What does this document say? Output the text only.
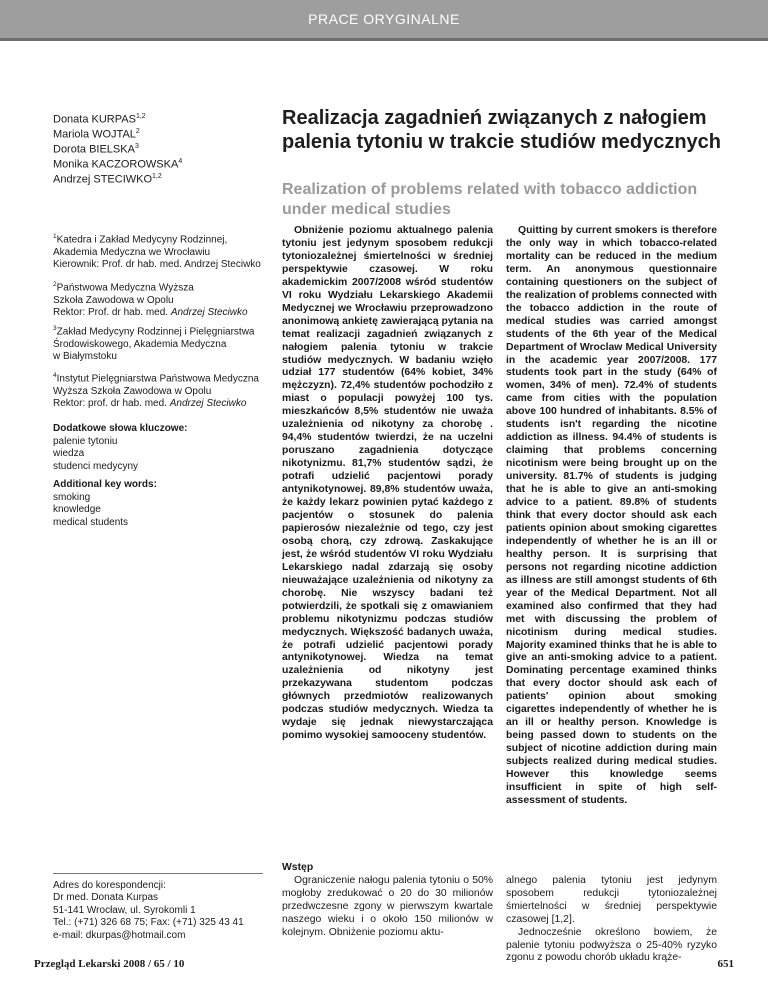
PRACE ORYGINALNE
Donata KURPAS$^{1,2}$
Mariola WOJTAL$^2$
Dorota BIELSKA$^3$
Monika KACZOROWSKA$^4$
Andrzej STECIWKO$^{1,2}$
Realizacja zagadnień związanych z nałogiem palenia tytoniu w trakcie studiów medycznych
Realization of problems related with tobacco addiction under medical studies
$^1$Katedra i Zakład Medycyny Rodzinnej,
Akademia Medyczna we Wrocławiu
Kierownik: Prof. dr hab. med. Andrzej Steciwko
$^2$Państwowa Medyczna Wyższa
Szkoła Zawodowa w Opolu
Rektor: Prof. dr hab. med. Andrzej Steciwko
$^3$Zakład Medycyny Rodzinnej i Pielęgniarstwa
Środowiskowego, Akademia Medyczna
w Białymstoku
$^4$Instytut Pielęgniarstwa Państwowa Medyczna
Wyższa Szkoła Zawodowa w Opolu
Rektor: prof. dr hab. med. Andrzej Steciwko
Dodatkowe słowa kluczowe:
palenie tytoniu
wiedza
studenci medycyny
Additional key words:
smoking
knowledge
medical students

Obniżenie poziomu aktualnego palenia tytoniu jest jedynym sposobem redukcji tytoniozależnej śmiertelności w średniej perspektywie czasowej. W roku akademickim 2007/2008 wśród studentów VI roku Wydziału Lekarskiego Akademii Medycznej we Wrocławiu przeprowadzono anonimową ankietę zawierającą pytania na temat realizacji zagadnień związanych z nałogiem palenia tytoniu w trakcie studiów medycznych. W badaniu wzięło udział 177 studentów (64% kobiet, 34% mężczyzn). 72,4% studentów pochodziło z miast o populacji powyżej 100 tys. mieszkańców 8,5% studentów nie uważa uzależnienia od nikotyny za chorobę . 94,4% studentów twierdzi, że na uczelni poruszano zagadnienia dotyczące nikotynizmu. 81,7% studentów sądzi, że potrafi udzielić pacjentowi porady antynikotynowej. 89,8% studentów uważa, że każdy lekarz powinien pytać każdego z pacjentów o stosunek do palenia papierosów niezależnie od tego, czy jest osobą chorą, czy zdrową. Zaskakujące jest, że wśród studentów VI roku Wydziału Lekarskiego nadal zdarzają się osoby nieuważające uzależnienia od nikotyny za chorobę. Nie wszyscy badani też potwierdzili, że spotkali się z omawianiem problemu nikotynizmu podczas studiów medycznych. Większość badanych uważa, że potrafi udzielić pacjentowi porady antynikotynowej. Wiedza na temat uzależnienia od nikotyny jest przekazywana studentom podczas głównych przedmiotów realizowanych podczas studiów medycznych. Wiedza ta wydaje się jednak niewystarczająca pomimo wysokiej samooceny studentów.

Quitting by current smokers is therefore the only way in which tobacco-related mortality can be reduced in the medium term. An anonymous questionnaire containing questioners on the subject of the realization of problems connected with the tobacco addiction in the route of medical studies was carried amongst students of the 6th year of the Medical Department of Wroclaw Medical University in the academic year 2007/2008. 177 students took part in the study (64% of women, 34% of men). 72.4% of students came from cities with the population above 100 hundred of inhabitants. 8.5% of students isn't regarding the nicotine addiction as illness. 94.4% of students is claiming that problems concerning nicotinism were being brought up on the university. 81.7% of students is judging that he is able to give an anti-smoking advice to a patient. 89.8% of students think that every doctor should ask each patients opinion about smoking cigarettes independently of whether he is an ill or healthy person. It is surprising that persons not regarding nicotine addiction as illness are still amongst students of 6th year of the Medical Department. Not all examined also confirmed that they had met with discussing the problem of nicotinism during medical studies. Majority examined thinks that he is able to give an anti-smoking advice to a patient. Dominating percentage examined thinks that every doctor should ask each of patients' opinion about smoking cigarettes independently of whether he is an ill or healthy person. Knowledge is being passed down to students on the subject of nicotine addiction during main subjects realized during medical studies. However this knowledge seems insufficient in spite of high self-assessment of students.

Adres do korespondencji:
Dr med. Donata Kurpas
51-141 Wrocław, ul. Syrokomli 1
Tel.: (+71) 326 68 75; Fax: (+71) 325 43 41
e-mail: dkurpas@hotmail.com
Wstęp

Ograniczenie nałogu palenia tytoniu o 50% mogłoby zredukować o 20 do 30 milionów przedwczesne zgony w pierwszym kwartale naszego wieku i o około 150 milionów w kolejnym. Obniżenie poziomu aktu-

alnego palenia tytoniu jest jedynym sposobem redukcji tytoniozależnej śmiertelności w średniej perspektywie czasowej [1,2].

Jednocześnie określono bowiem, że palenie tytoniu podwyższa o 25-40% ryzyko zgonu z powodu chorób układu krąże-

Przegląd Lekarski 2008 / 65 / 10	651
